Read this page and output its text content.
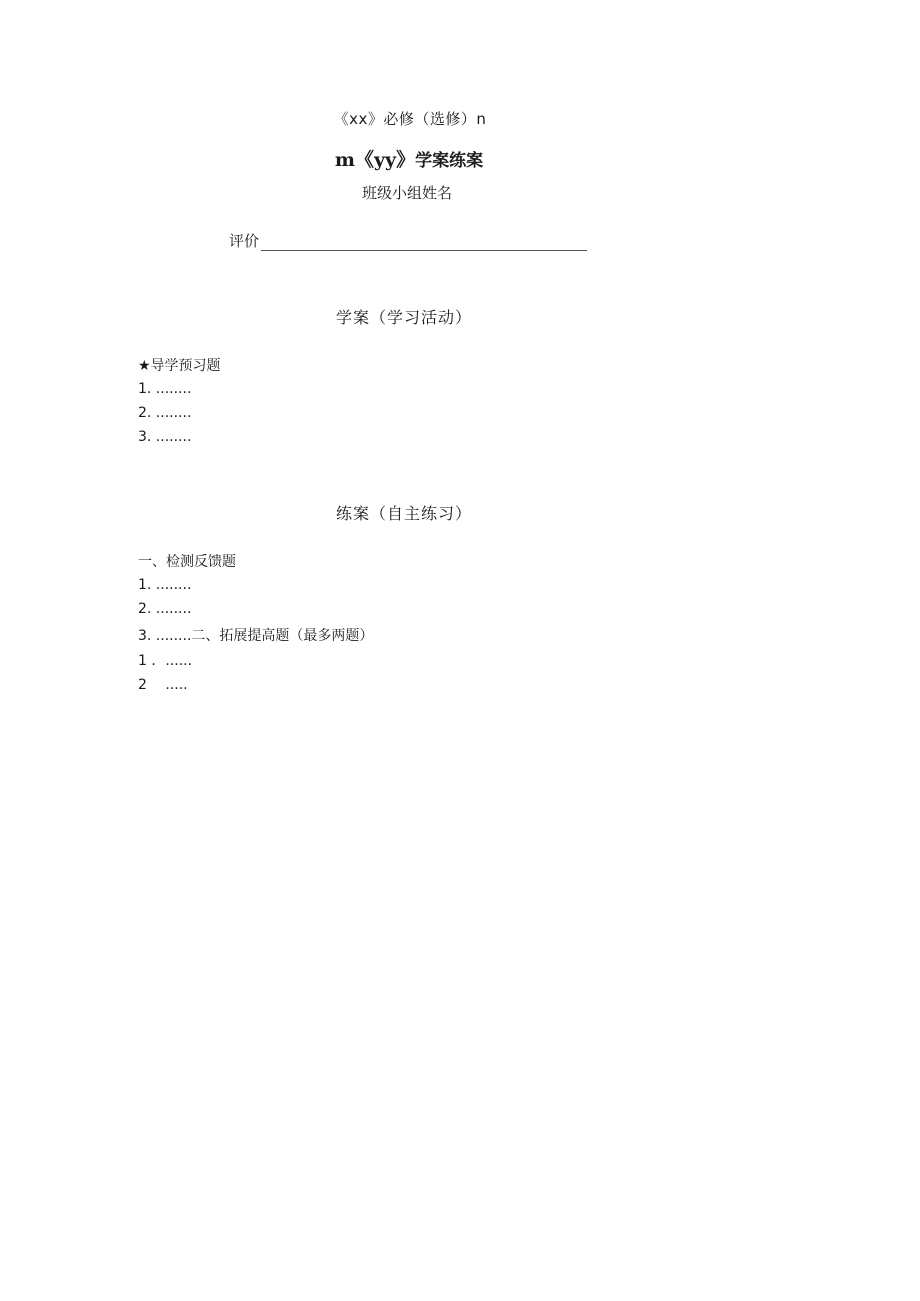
《xx》必修（选修）n
m《yy》学案练案
班级小组姓名
评价
学案（学习活动）
★导学预习题
1. ........
2. ........
3. ........
练案（自主练习）
一、检测反馈题
1. ........
2. ........
3. ........二、拓展提高题（最多两题）
1 ．......
2 　.....
